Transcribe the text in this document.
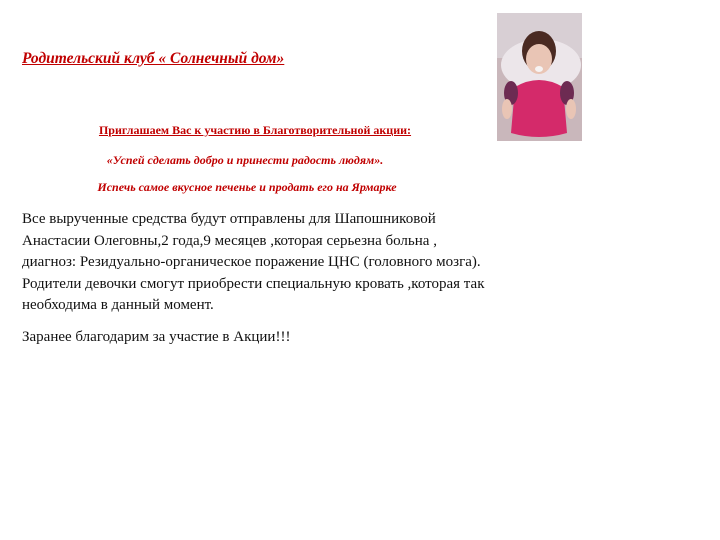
Родительский клуб « Солнечный дом»
Приглашаем Вас к участию в Благотворительной акции:
«Успей сделать добро и принести радость людям».
Испечь самое вкусное печенье и продать его на Ярмарке
Все вырученные средства будут отправлены для Шапошниковой Анастасии Олеговны,2 года,9 месяцев ,которая серьезна больна , диагноз: Резидуально-органическое поражение ЦНС (головного мозга). Родители девочки смогут приобрести специальную кровать ,которая так необходима в данный момент.
Заранее благодарим за участие в Акции!!!
